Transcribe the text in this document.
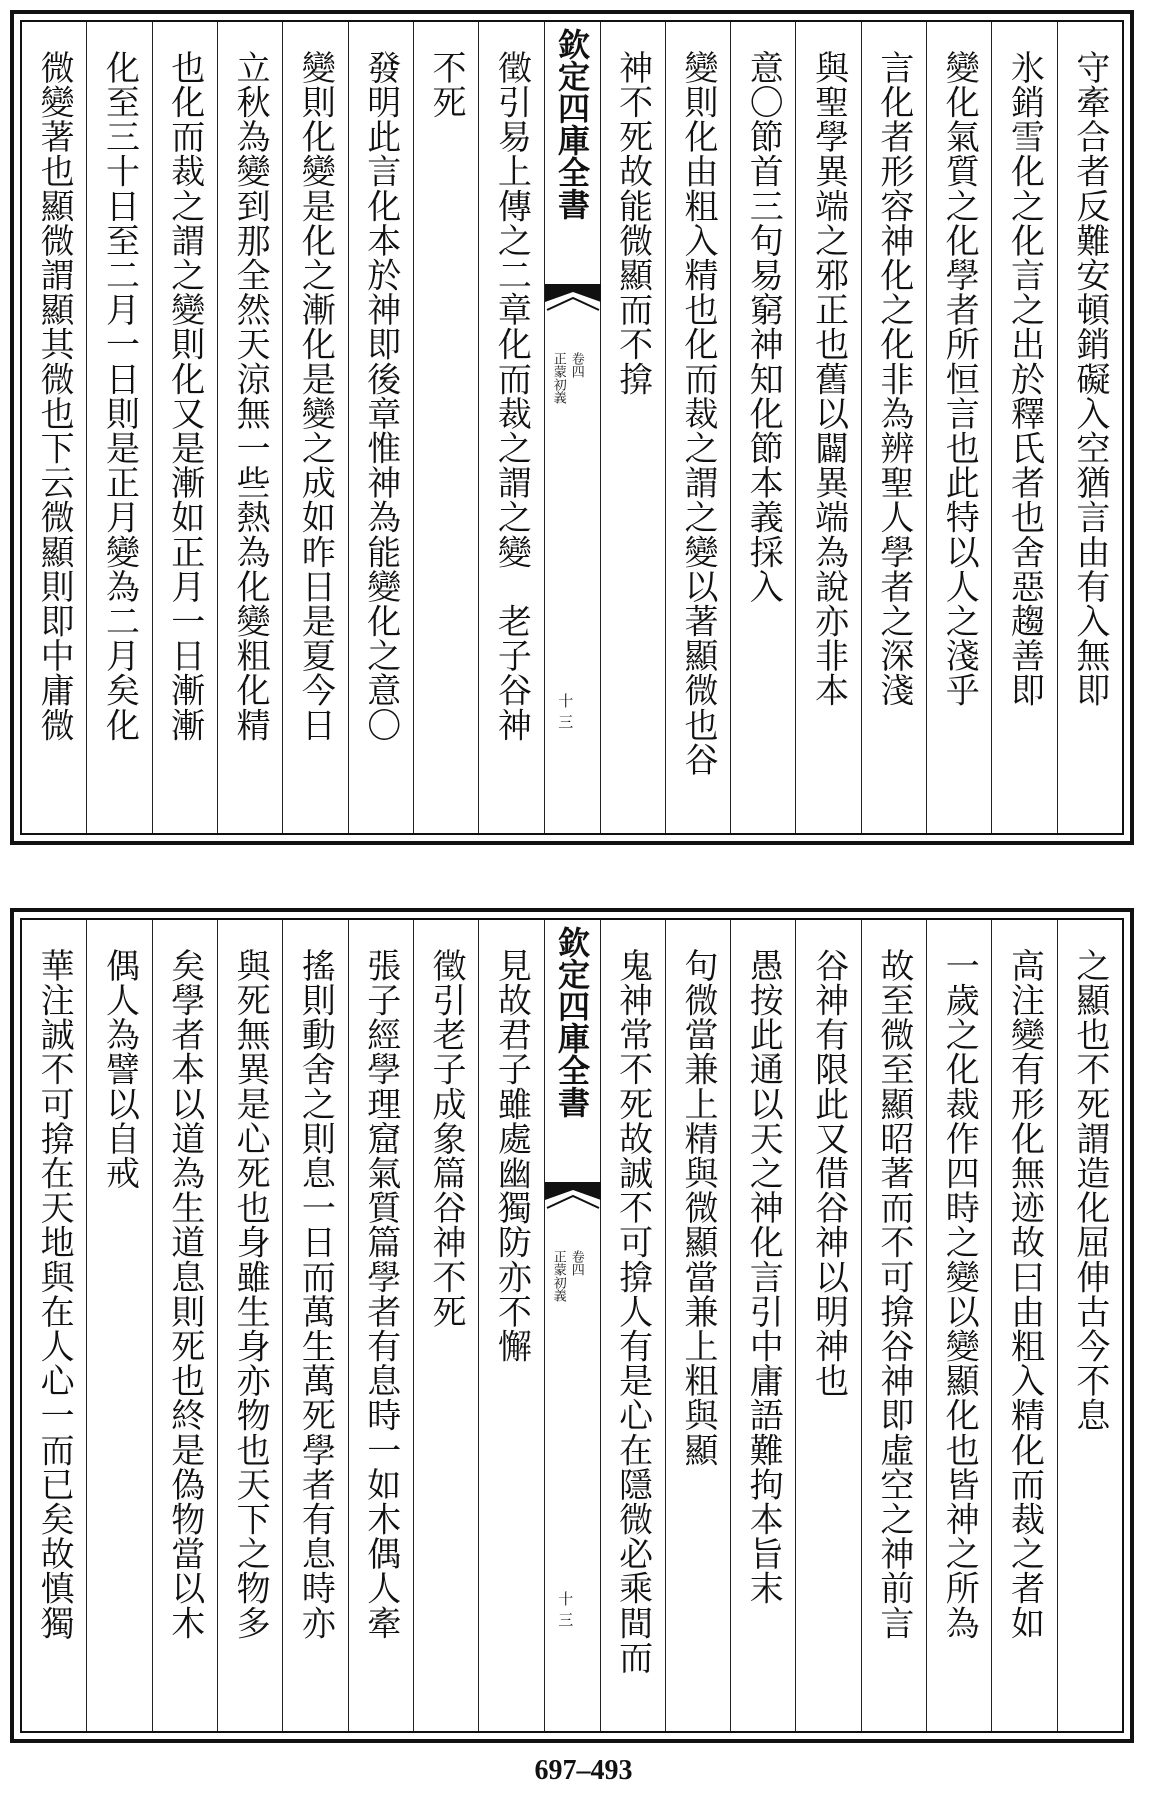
守牽合者反難安頓銷礙入空猶言由有入無即
氷銷雪化之化言之出於釋氏者也舍惡趨善即
變化氣質之化學者所恒言也此特以人之淺乎
言化者形容神化之化非為辨聖人學者之深淺
與聖學異端之邪正也舊以闢異端為說亦非本
意〇節首三句易窮神知化節本義採入
變則化由粗入精也化而裁之謂之變以著顯微也谷
神不死故能微顯而不揜
欽定四庫全書
正蒙初義 卷四
十三
徵引易上傳之二章化而裁之謂之變　老子谷神
不死
發明此言化本於神即後章惟神為能變化之意〇
變則化變是化之漸化是變之成如昨日是夏今日
立秋為變到那全然天涼無一些熱為化變粗化精
也化而裁之謂之變則化又是漸如正月一日漸漸
化至三十日至二月一日則是正月變為二月矣化
微變著也顯微謂顯其微也下云微顯則即中庸微
之顯也不死謂造化屈伸古今不息
高注變有形化無迹故曰由粗入精化而裁之者如
一歲之化裁作四時之變以變顯化也皆神之所為
故至微至顯昭著而不可揜谷神即虛空之神前言
谷神有限此又借谷神以明神也
愚按此通以天之神化言引中庸語難拘本旨末
句微當兼上精與微顯當兼上粗與顯
鬼神常不死故誠不可揜人有是心在隱微必乘間而
欽定四庫全書
正蒙初義 卷四
十三
見故君子雖處幽獨防亦不懈
徵引老子成象篇谷神不死
張子經學理窟氣質篇學者有息時一如木偶人牽
搖則動舍之則息一日而萬生萬死學者有息時亦
與死無異是心死也身雖生身亦物也天下之物多
矣學者本以道為生道息則死也終是偽物當以木
偶人為譬以自戒
華注誠不可揜在天地與在人心一而已矣故慎獨
697–493
